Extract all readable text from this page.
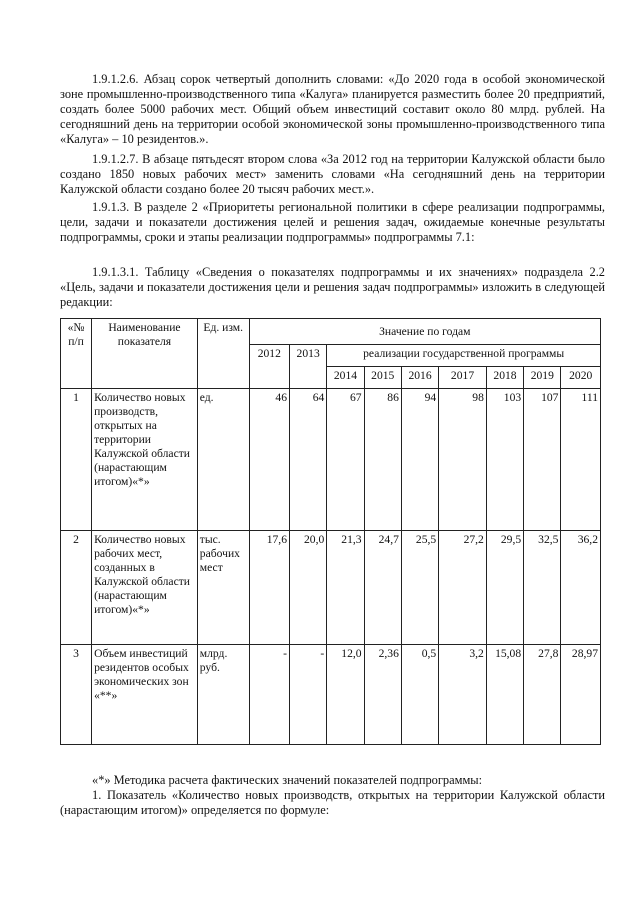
1.9.1.2.6. Абзац сорок четвертый дополнить словами: «До 2020 года в особой экономической зоне промышленно-производственного типа «Калуга» планируется разместить более 20 предприятий, создать более 5000 рабочих мест. Общий объем инвестиций составит около 80 млрд. рублей. На сегодняшний день на территории особой экономической зоны промышленно-производственного типа «Калуга» – 10 резидентов.».

1.9.1.2.7. В абзаце пятьдесят втором слова «За 2012 год на территории Калужской области было создано 1850 новых рабочих мест» заменить словами «На сегодняшний день на территории Калужской области создано более 20 тысяч рабочих мест.».

1.9.1.3. В разделе 2 «Приоритеты региональной политики в сфере реализации подпрограммы, цели, задачи и показатели достижения целей и решения задач, ожидаемые конечные результаты подпрограммы, сроки и этапы реализации подпрограммы» подпрограммы 7.1:

1.9.1.3.1. Таблицу «Сведения о показателях подпрограммы и их значениях» подраздела 2.2 «Цель, задачи и показатели достижения цели и решения задач подпрограммы» изложить в следующей редакции:

«№ п/п	Наименование показателя	Ед. изм.	Значение по годам								
			2012	2013	реализации государственной программы						
					2014	2015	2016	2017	2018	2019	2020
1	Количество новых производств, открытых на территории Калужской области (нарастающим итогом)«*»	ед.	46	64	67	86	94	98	103	107	111
2	Количество новых рабочих мест, созданных в Калужской области (нарастающим итогом)«*»	тыс. рабочих мест	17,6	20,0	21,3	24,7	25,5	27,2	29,5	32,5	36,2
3	Объем инвестиций резидентов особых экономических зон «**»	млрд. руб.	-	-	12,0	2,36	0,5	3,2	15,08	27,8	28,97

«*» Методика расчета фактических значений показателей подпрограммы:

1. Показатель «Количество новых производств, открытых на территории Калужской области (нарастающим итогом)» определяется по формуле:
